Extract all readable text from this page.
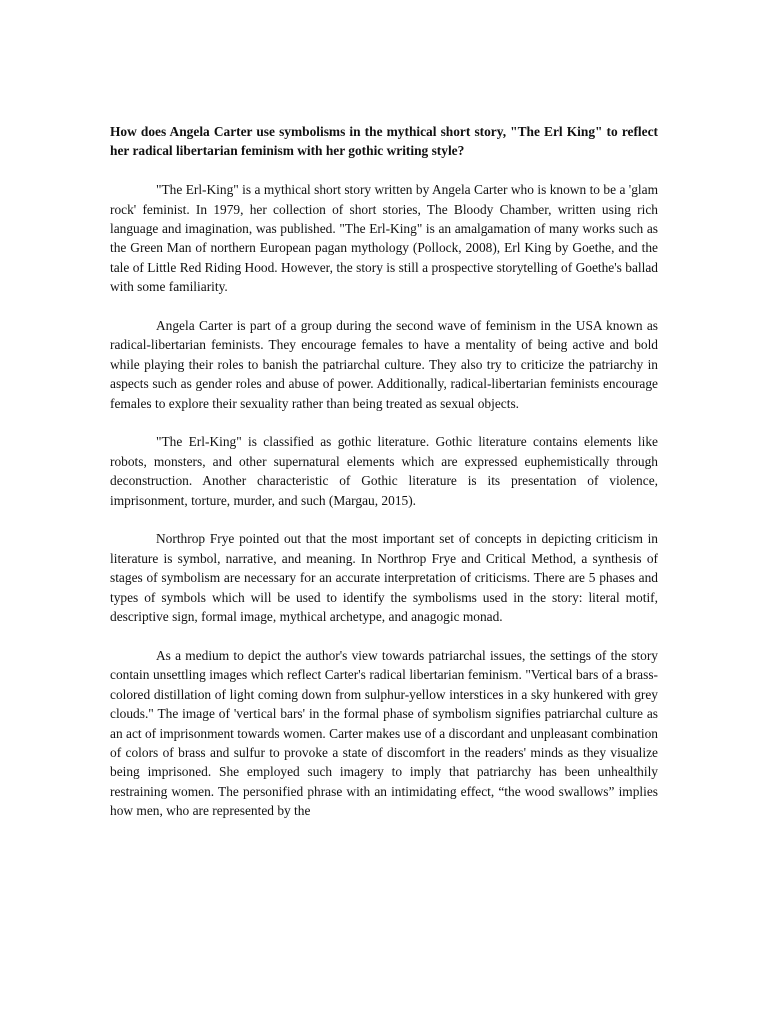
How does Angela Carter use symbolisms in the mythical short story, "The Erl King" to reflect her radical libertarian feminism with her gothic writing style?

"The Erl-King" is a mythical short story written by Angela Carter who is known to be a 'glam rock' feminist. In 1979, her collection of short stories, The Bloody Chamber, written using rich language and imagination, was published. "The Erl-King" is an amalgamation of many works such as the Green Man of northern European pagan mythology (Pollock, 2008), Erl King by Goethe, and the tale of Little Red Riding Hood. However, the story is still a prospective storytelling of Goethe's ballad with some familiarity.

Angela Carter is part of a group during the second wave of feminism in the USA known as radical-libertarian feminists. They encourage females to have a mentality of being active and bold while playing their roles to banish the patriarchal culture. They also try to criticize the patriarchy in aspects such as gender roles and abuse of power. Additionally, radical-libertarian feminists encourage females to explore their sexuality rather than being treated as sexual objects.

"The Erl-King" is classified as gothic literature. Gothic literature contains elements like robots, monsters, and other supernatural elements which are expressed euphemistically through deconstruction. Another characteristic of Gothic literature is its presentation of violence, imprisonment, torture, murder, and such (Margau, 2015).

Northrop Frye pointed out that the most important set of concepts in depicting criticism in literature is symbol, narrative, and meaning. In Northrop Frye and Critical Method, a synthesis of stages of symbolism are necessary for an accurate interpretation of criticisms. There are 5 phases and types of symbols which will be used to identify the symbolisms used in the story: literal motif, descriptive sign, formal image, mythical archetype, and anagogic monad.

As a medium to depict the author's view towards patriarchal issues, the settings of the story contain unsettling images which reflect Carter's radical libertarian feminism. "Vertical bars of a brass-colored distillation of light coming down from sulphur-yellow interstices in a sky hunkered with grey clouds." The image of 'vertical bars' in the formal phase of symbolism signifies patriarchal culture as an act of imprisonment towards women. Carter makes use of a discordant and unpleasant combination of colors of brass and sulfur to provoke a state of discomfort in the readers' minds as they visualize being imprisoned. She employed such imagery to imply that patriarchy has been unhealthily restraining women. The personified phrase with an intimidating effect, “the wood swallows” implies how men, who are represented by the
